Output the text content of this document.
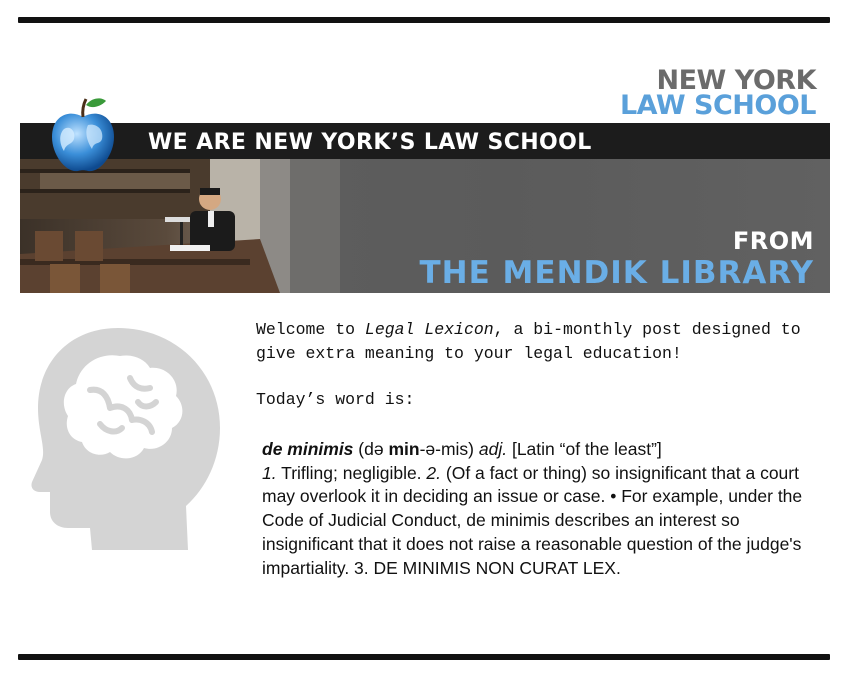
NEW YORK
LAW SCHOOL
WE ARE NEW YORK’S LAW SCHOOL
FROM
THE MENDIK LIBRARY
Welcome to Legal Lexicon, a bi-monthly post designed to give extra meaning to your legal education!
Today’s word is:
de minimis (də min-ə-mis) adj. [Latin “of the least”]
1. Trifling; negligible. 2. (Of a fact or thing) so insignificant that a court may overlook it in deciding an issue or case. • For example, under the Code of Judicial Conduct, de minimis describes an interest so insignificant that it does not raise a reasonable question of the judge's impartiality. 3. DE MINIMIS NON CURAT LEX.
